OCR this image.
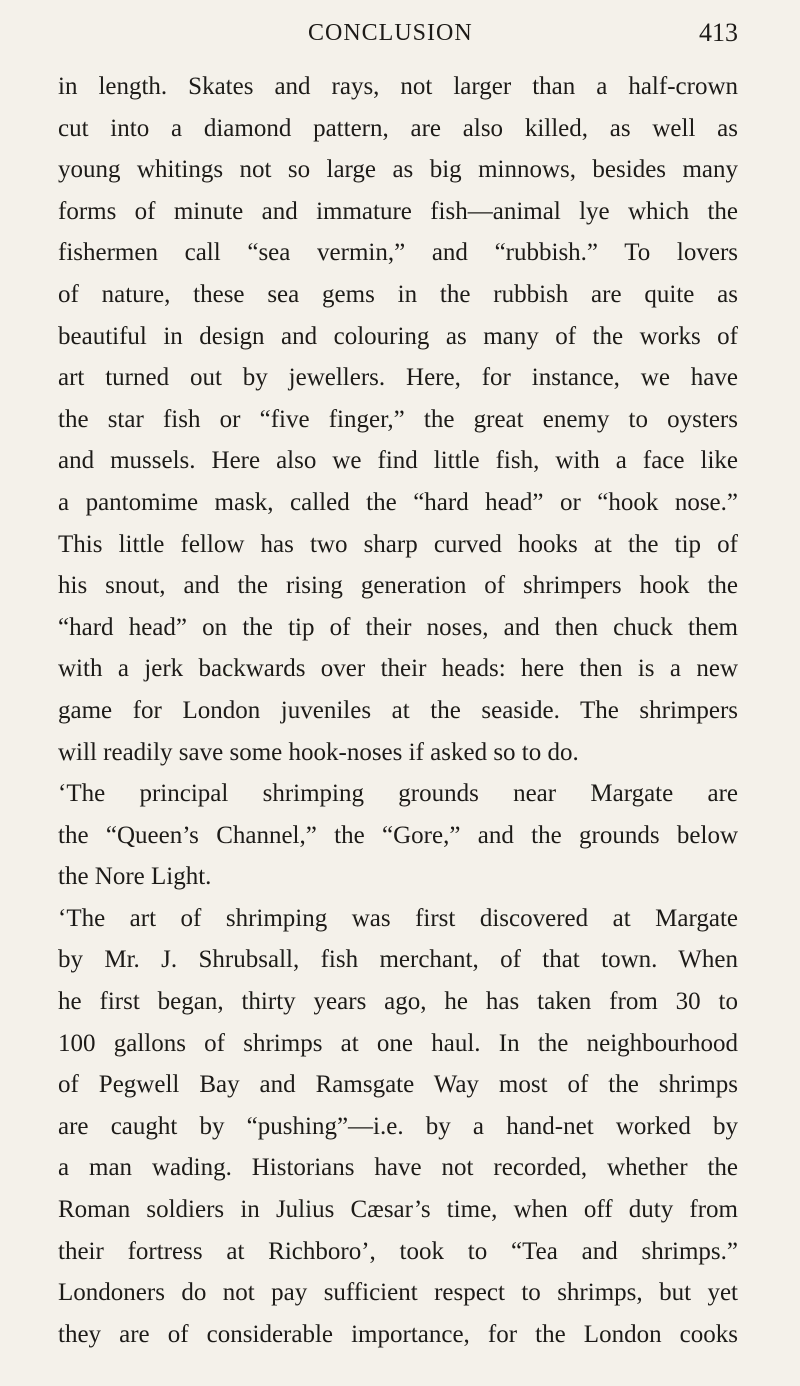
CONCLUSION	413
in length. Skates and rays, not larger than a half-crown
cut into a diamond pattern, are also killed, as well as
young whitings not so large as big minnows, besides many
forms of minute and immature fish—animal lye which the
fishermen call “sea vermin,” and “rubbish.” To lovers
of nature, these sea gems in the rubbish are quite as
beautiful in design and colouring as many of the works of
art turned out by jewellers. Here, for instance, we have
the star fish or “five finger,” the great enemy to oysters
and mussels. Here also we find little fish, with a face like
a pantomime mask, called the “hard head” or “hook nose.”
This little fellow has two sharp curved hooks at the tip of
his snout, and the rising generation of shrimpers hook the
“hard head” on the tip of their noses, and then chuck them
with a jerk backwards over their heads: here then is a new
game for London juveniles at the seaside. The shrimpers
will readily save some hook-noses if asked so to do.
‘The principal shrimping grounds near Margate are
the “Queen’s Channel,” the “Gore,” and the grounds below
the Nore Light.
‘The art of shrimping was first discovered at Margate
by Mr. J. Shrubsall, fish merchant, of that town. When
he first began, thirty years ago, he has taken from 30 to
100 gallons of shrimps at one haul. In the neighbourhood
of Pegwell Bay and Ramsgate Way most of the shrimps
are caught by “pushing”—i.e. by a hand-net worked by
a man wading. Historians have not recorded, whether the
Roman soldiers in Julius Cæsar’s time, when off duty from
their fortress at Richboro’, took to “Tea and shrimps.”
Londoners do not pay sufficient respect to shrimps, but yet
they are of considerable importance, for the London cooks
